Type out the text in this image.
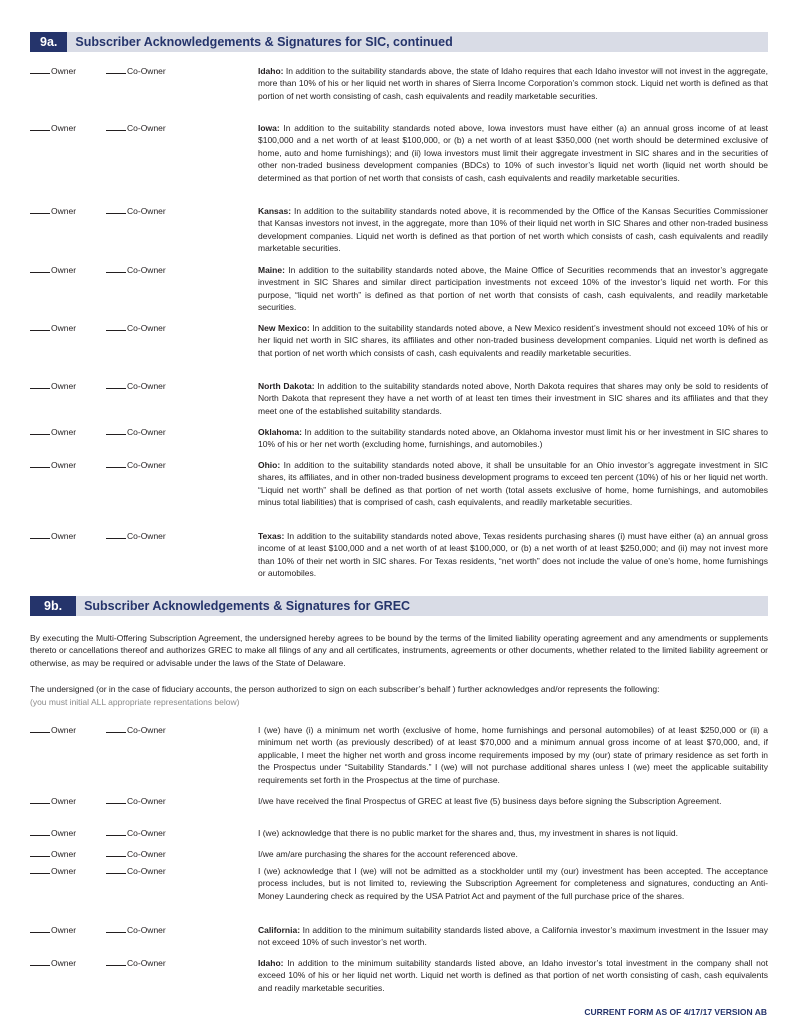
9a.	Subscriber Acknowledgements & Signatures for SIC, continued
Owner	Co-Owner	Idaho: In addition to the suitability standards above, the state of Idaho requires that each Idaho investor will not invest in the aggregate, more than 10% of his or her liquid net worth in shares of Sierra Income Corporation’s common stock. Liquid net worth is defined as that portion of net worth consisting of cash, cash equivalents and readily marketable securities.
Owner	Co-Owner	Iowa: In addition to the suitability standards noted above, Iowa investors must have either (a) an annual gross income of at least $100,000 and a net worth of at least $100,000, or (b) a net worth of at least $350,000 (net worth should be determined exclusive of home, auto and home furnishings); and (ii) Iowa investors must limit their aggregate investment in SIC shares and in the securities of other non-traded business development companies (BDCs) to 10% of such investor’s liquid net worth (liquid net worth should be determined as that portion of net worth that consists of cash, cash equivalents and readily marketable securities.
Owner	Co-Owner	Kansas: In addition to the suitability standards noted above, it is recommended by the Office of the Kansas Securities Commissioner that Kansas investors not invest, in the aggregate, more than 10% of their liquid net worth in SIC Shares and other non-traded business development companies. Liquid net worth is defined as that portion of net worth which consists of cash, cash equivalents and readily marketable securities.
Owner	Co-Owner	Maine: In addition to the suitability standards noted above, the Maine Office of Securities recommends that an investor’s aggregate investment in SIC Shares and similar direct participation investments not exceed 10% of the investor’s liquid net worth. For this purpose, “liquid net worth” is defined as that portion of net worth that consists of cash, cash equivalents, and readily marketable securities.
Owner	Co-Owner	New Mexico: In addition to the suitability standards noted above, a New Mexico resident’s investment should not exceed 10% of his or her liquid net worth in SIC shares, its affiliates and other non-traded business development companies. Liquid net worth is defined as that portion of net worth which consists of cash, cash equivalents and readily marketable securities.
Owner	Co-Owner	North Dakota: In addition to the suitability standards noted above, North Dakota requires that shares may only be sold to residents of North Dakota that represent they have a net worth of at least ten times their investment in SIC shares and its affiliates and that they meet one of the established suitability standards.
Owner	Co-Owner	Oklahoma: In addition to the suitability standards noted above, an Oklahoma investor must limit his or her investment in SIC shares to 10% of his or her net worth (excluding home, furnishings, and automobiles.)
Owner	Co-Owner	Ohio: In addition to the suitability standards noted above, it shall be unsuitable for an Ohio investor’s aggregate investment in SIC shares, its affiliates, and in other non-traded business development programs to exceed ten percent (10%) of his or her liquid net worth. “Liquid net worth” shall be defined as that portion of net worth (total assets exclusive of home, home furnishings, and automobiles minus total liabilities) that is comprised of cash, cash equivalents, and readily marketable securities.
Owner	Co-Owner	Texas: In addition to the suitability standards noted above, Texas residents purchasing shares (i) must have either (a) an annual gross income of at least $100,000 and a net worth of at least $100,000, or (b) a net worth of at least $250,000; and (ii) may not invest more than 10% of their net worth in SIC shares. For Texas residents, “net worth” does not include the value of one’s home, home furnishings or automobiles.
9b.	Subscriber Acknowledgements & Signatures for GREC
By executing the Multi-Offering Subscription Agreement, the undersigned hereby agrees to be bound by the terms of the limited liability operating agreement and any amendments or supplements thereto or cancellations thereof and authorizes GREC to make all filings of any and all certificates, instruments, agreements or other documents, whether related to the limited liability agreement or otherwise, as may be required or advisable under the laws of the State of Delaware.
The undersigned (or in the case of fiduciary accounts, the person authorized to sign on each subscriber’s behalf ) further acknowledges and/or represents the following:
(you must initial ALL appropriate representations below)
Owner	Co-Owner	I (we) have (i) a minimum net worth (exclusive of home, home furnishings and personal automobiles) of at least $250,000 or (ii) a minimum net worth (as previously described) of at least $70,000 and a minimum annual gross income of at least $70,000, and, if applicable, I meet the higher net worth and gross income requirements imposed by my (our) state of primary residence as set forth in the Prospectus under “Suitability Standards.” I (we) will not purchase additional shares unless I (we) meet the applicable suitability requirements set forth in the Prospectus at the time of purchase.
Owner	Co-Owner	I/we have received the final Prospectus of GREC at least five (5) business days before signing the Subscription Agreement.
Owner	Co-Owner	I (we) acknowledge that there is no public market for the shares and, thus, my investment in shares is not liquid.
Owner	Co-Owner	I/we am/are purchasing the shares for the account referenced above.
Owner	Co-Owner	I (we) acknowledge that I (we) will not be admitted as a stockholder until my (our) investment has been accepted. The acceptance process includes, but is not limited to, reviewing the Subscription Agreement for completeness and signatures, conducting an Anti-Money Laundering check as required by the USA Patriot Act and payment of the full purchase price of the shares.
Owner	Co-Owner	California: In addition to the minimum suitability standards listed above, a California investor’s maximum investment in the Issuer may not exceed 10% of such investor’s net worth.
Owner	Co-Owner	Idaho: In addition to the minimum suitability standards listed above, an Idaho investor’s total investment in the company shall not exceed 10% of his or her liquid net worth. Liquid net worth is defined as that portion of net worth consisting of cash, cash equivalents and readily marketable securities.
CURRENT FORM AS OF 4/17/17 VERSION AB
